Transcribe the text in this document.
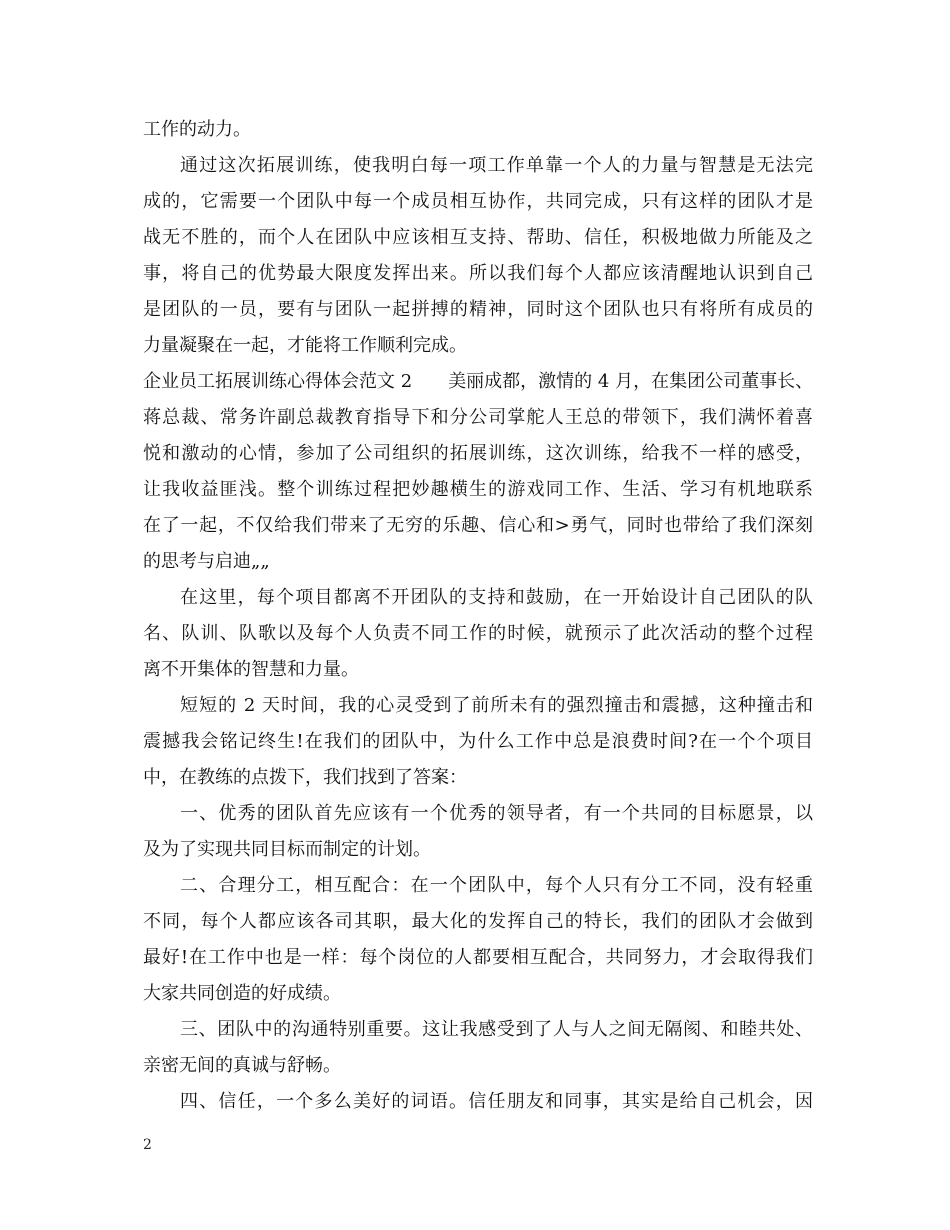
工作的动力。
通过这次拓展训练，使我明白每一项工作单靠一个人的力量与智慧是无法完
成的，它需要一个团队中每一个成员相互协作，共同完成，只有这样的团队才是
战无不胜的，而个人在团队中应该相互支持、帮助、信任，积极地做力所能及之
事，将自己的优势最大限度发挥出来。所以我们每个人都应该清醒地认识到自己
是团队的一员，要有与团队一起拼搏的精神，同时这个团队也只有将所有成员的
力量凝聚在一起，才能将工作顺利完成。
企业员工拓展训练心得体会范文 2　　美丽成都，激情的 4 月，在集团公司董事长、
蒋总裁、常务许副总裁教育指导下和分公司掌舵人王总的带领下，我们满怀着喜
悦和激动的心情，参加了公司组织的拓展训练，这次训练，给我不一样的感受，
让我收益匪浅。整个训练过程把妙趣横生的游戏同工作、生活、学习有机地联系
在了一起，不仅给我们带来了无穷的乐趣、信心和>勇气，同时也带给了我们深刻
的思考与启迪„„
在这里，每个项目都离不开团队的支持和鼓励，在一开始设计自己团队的队
名、队训、队歌以及每个人负责不同工作的时候，就预示了此次活动的整个过程
离不开集体的智慧和力量。
短短的 2 天时间，我的心灵受到了前所未有的强烈撞击和震撼，这种撞击和
震撼我会铭记终生!在我们的团队中，为什么工作中总是浪费时间?在一个个项目
中，在教练的点拨下，我们找到了答案：
一、优秀的团队首先应该有一个优秀的领导者，有一个共同的目标愿景，以
及为了实现共同目标而制定的计划。
二、合理分工，相互配合：在一个团队中，每个人只有分工不同，没有轻重
不同，每个人都应该各司其职，最大化的发挥自己的特长，我们的团队才会做到
最好!在工作中也是一样：每个岗位的人都要相互配合，共同努力，才会取得我们
大家共同创造的好成绩。
三、团队中的沟通特别重要。这让我感受到了人与人之间无隔阂、和睦共处、
亲密无间的真诚与舒畅。
四、信任，一个多么美好的词语。信任朋友和同事，其实是给自己机会，因
2
